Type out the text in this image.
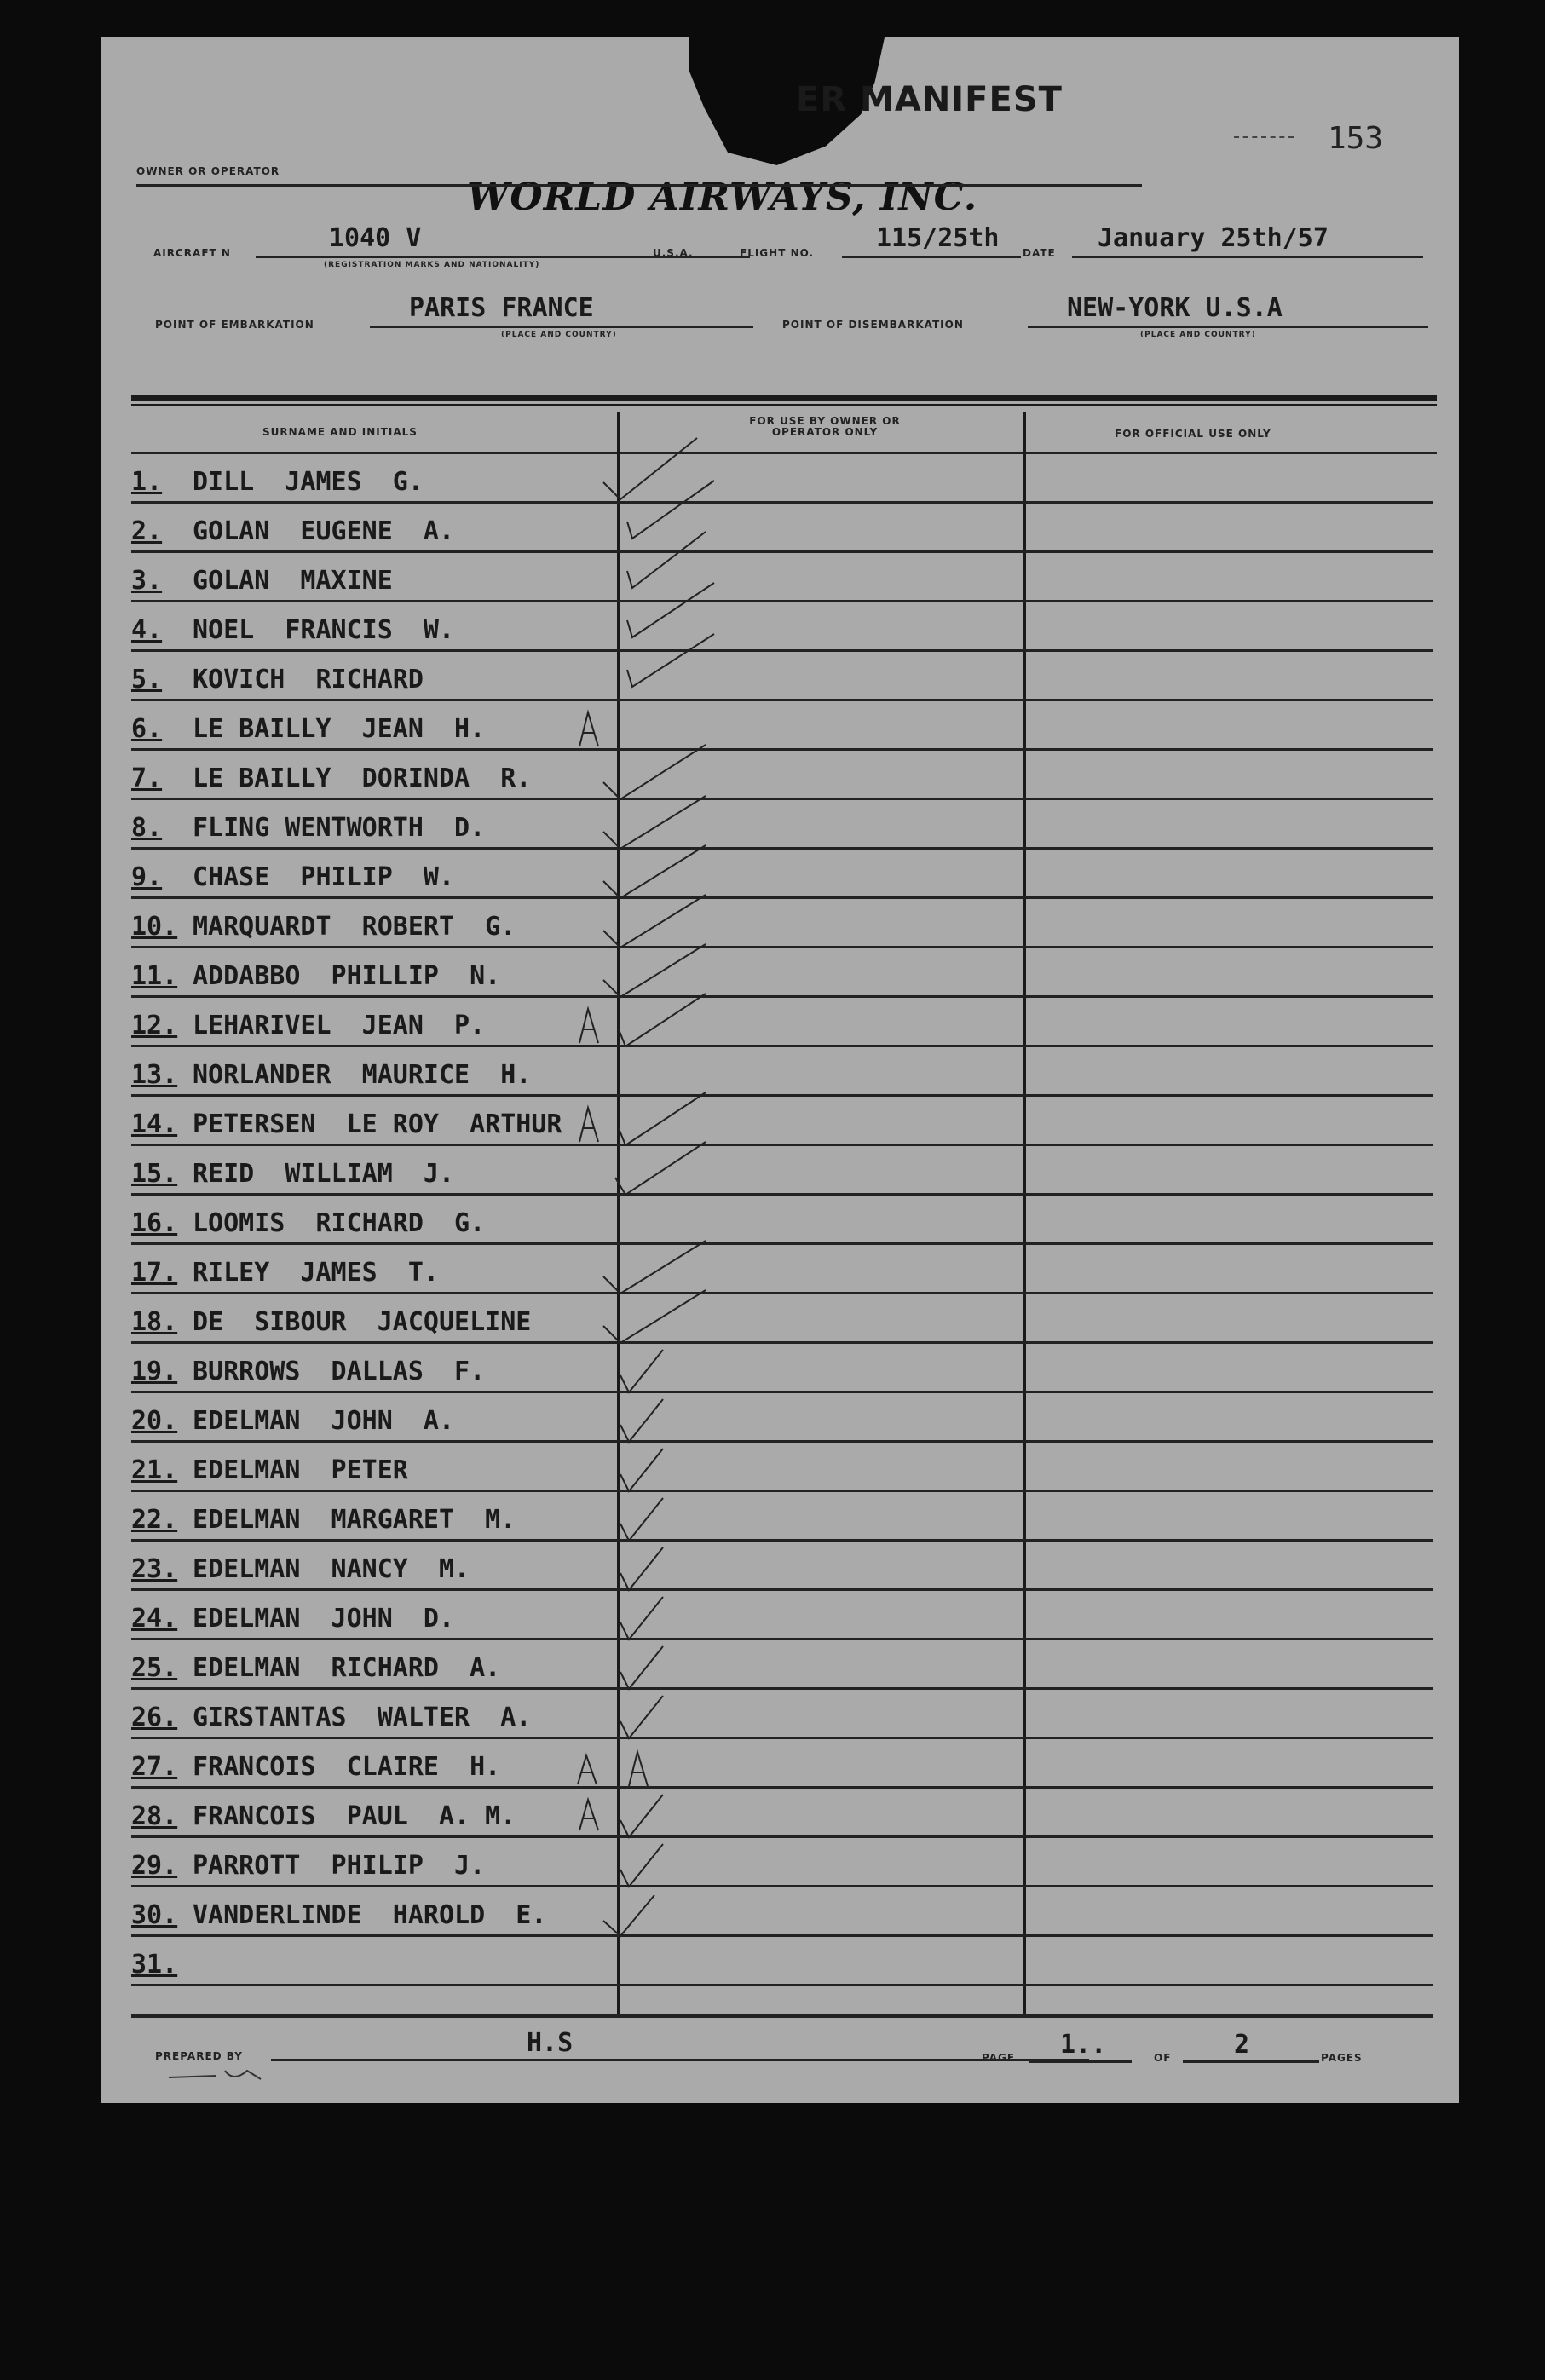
ER MANIFEST
153
OWNER OR OPERATOR
WORLD AIRWAYS, INC.
AIRCRAFT N	1040 V
(REGISTRATION MARKS AND NATIONALITY)
U.S.A.	FLIGHT NO. 115/25th DATE January 25th/57
POINT OF EMBARKATION
PARIS FRANCE
(PLACE AND COUNTRY)
POINT OF DISEMBARKATION
NEW-YORK U.S.A
(PLACE AND COUNTRY)
SURNAME AND INITIALS
FOR USE BY OWNER OR OPERATOR ONLY	FOR OFFICIAL USE ONLY
1. DILL  JAMES  G.
2. GOLAN  EUGENE  A.
3. GOLAN  MAXINE
4. NOEL  FRANCIS  W.
5. KOVICH  RICHARD
6. LE BAILLY  JEAN  H.
7. LE BAILLY  DORINDA  R.
8. FLING WENTWORTH  D.
9. CHASE  PHILIP  W.
10. MARQUARDT  ROBERT  G.
11. ADDABBO  PHILLIP  N.
12. LEHARIVEL  JEAN  P.
13. NORLANDER  MAURICE  H.
14. PETERSEN  LE ROY  ARTHUR
15. REID  WILLIAM  J.
16. LOOMIS  RICHARD  G.
17. RILEY  JAMES  T.
18. DE  SIBOUR  JACQUELINE
19. BURROWS  DALLAS  F.
20. EDELMAN  JOHN  A.
21. EDELMAN  PETER
22. EDELMAN  MARGARET  M.
23. EDELMAN  NANCY  M.
24. EDELMAN  JOHN  D.
25. EDELMAN  RICHARD  A.
26. GIRSTANTAS  WALTER  A.
27. FRANCOIS  CLAIRE  H.
28. FRANCOIS  PAUL  A. M.
29. PARROTT  PHILIP  J.
30. VANDERLINDE  HAROLD  E.
31.
PREPARED BY	H.S	PAGE 1..	OF 2	PAGES
